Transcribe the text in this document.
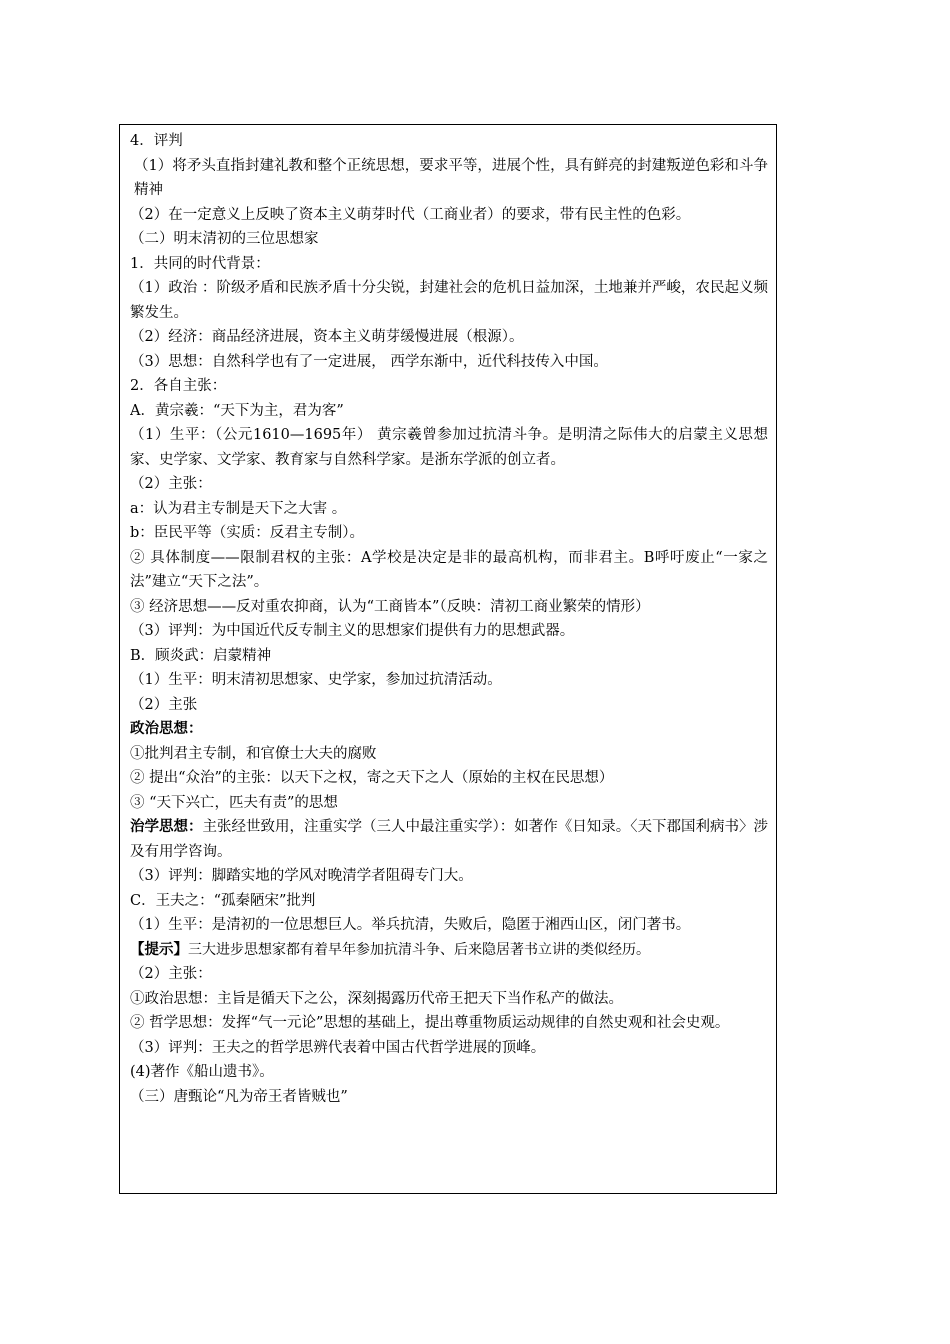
4．评判
（1）将矛头直指封建礼教和整个正统思想，要求平等，进展个性，具有鲜亮的封建叛逆色彩和斗争精神
（2）在一定意义上反映了资本主义萌芽时代（工商业者）的要求，带有民主性的色彩。
（二）明末清初的三位思想家
1．共同的时代背景：
（1）政治 ：阶级矛盾和民族矛盾十分尖锐，封建社会的危机日益加深，土地兼并严峻，农民起义频繁发生。
（2）经济：商品经济进展，资本主义萌芽缓慢进展（根源）。
（3）思想：自然科学也有了一定进展， 西学东渐中，近代科技传入中国。
2．各自主张：
A．黄宗羲：“天下为主，君为客”
（1）生平：（公元1610—1695年） 黄宗羲曾参加过抗清斗争。是明清之际伟大的启蒙主义思想家、史学家、文学家、教育家与自然科学家。是浙东学派的创立者。
（2）主张：
a：认为君主专制是天下之大害 。
b：臣民平等（实质：反君主专制）。
② 具体制度——限制君权的主张：A学校是决定是非的最高机构，而非君主。B呼吁废止“一家之法”建立“天下之法”。
③ 经济思想——反对重农抑商，认为“工商皆本”（反映：清初工商业繁荣的情形）
（3）评判：为中国近代反专制主义的思想家们提供有力的思想武器。
B．顾炎武：启蒙精神
（1）生平：明末清初思想家、史学家，参加过抗清活动。
（2）主张
政治思想：
①批判君主专制，和官僚士大夫的腐败
② 提出“众治”的主张：以天下之权，寄之天下之人（原始的主权在民思想）
③ “天下兴亡，匹夫有责”的思想
治学思想：主张经世致用，注重实学（三人中最注重实学）：如著作《日知录。〈天下郡国利病书〉涉及有用学咨询。
（3）评判：脚踏实地的学风对晚清学者阻碍专门大。
C．王夫之：“孤秦陋宋”批判
（1）生平：是清初的一位思想巨人。举兵抗清，失败后，隐匿于湘西山区，闭门著书。
【提示】三大进步思想家都有着早年参加抗清斗争、后来隐居著书立讲的类似经历。
（2）主张：
①政治思想：主旨是循天下之公，深刻揭露历代帝王把天下当作私产的做法。
② 哲学思想：发挥“气一元论”思想的基础上，提出尊重物质运动规律的自然史观和社会史观。
（3）评判：王夫之的哲学思辨代表着中国古代哲学进展的顶峰。
(4)著作《船山遗书》。
（三）唐甄论“凡为帝王者皆贼也”
